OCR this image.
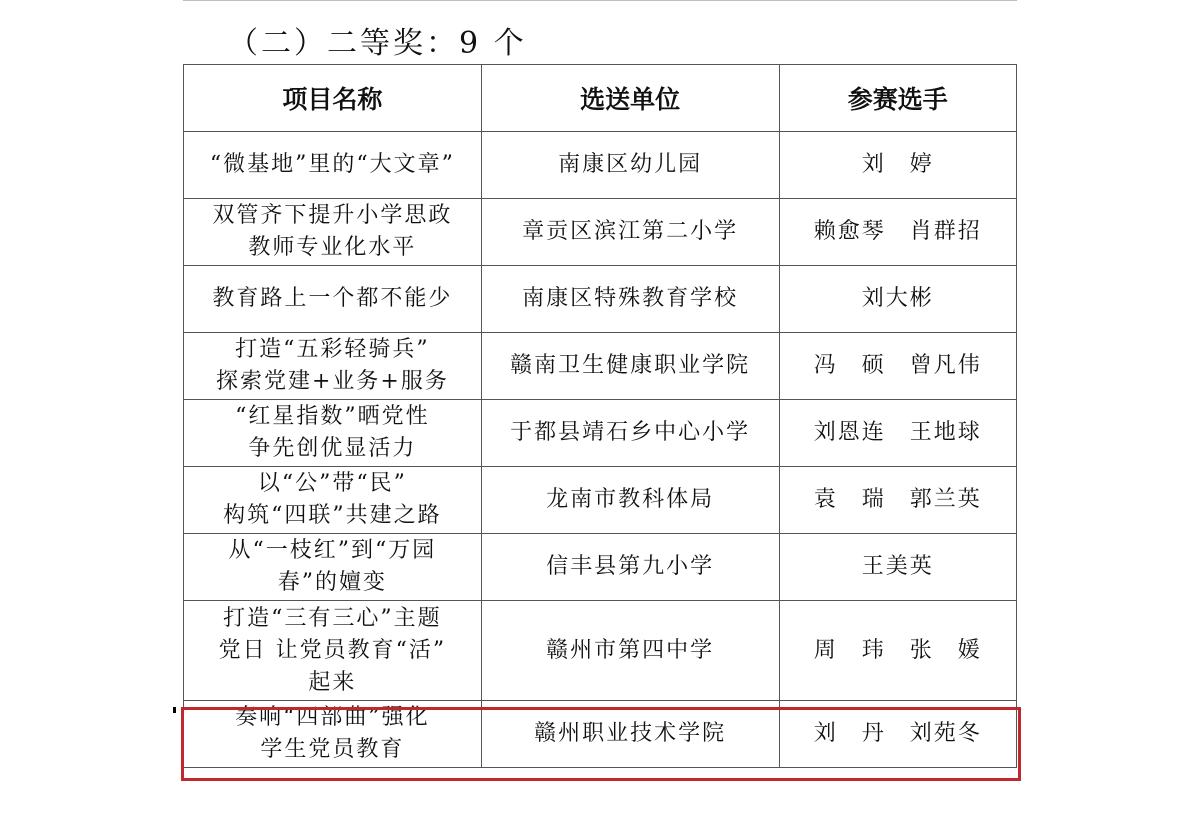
（二）二等奖：9 个
项目名称	选送单位	参赛选手
“微基地”里的“大文章”	南康区幼儿园	刘　婷
双管齐下提升小学思政
教师专业化水平	章贡区滨江第二小学	赖愈琴　肖群招
教育路上一个都不能少	南康区特殊教育学校	刘大彬
打造“五彩轻骑兵”
探索党建+业务+服务	赣南卫生健康职业学院	冯　硕　曾凡伟
“红星指数”晒党性
争先创优显活力	于都县靖石乡中心小学	刘恩连　王地球
以“公”带“民”
构筑“四联”共建之路	龙南市教科体局	袁　瑞　郭兰英
从“一枝红”到“万园
春”的嬗变	信丰县第九小学	王美英
打造“三有三心”主题
党日 让党员教育“活”
起来	赣州市第四中学	周　玮　张　媛
奏响“四部曲”强化
学生党员教育	赣州职业技术学院	刘　丹　刘苑冬
